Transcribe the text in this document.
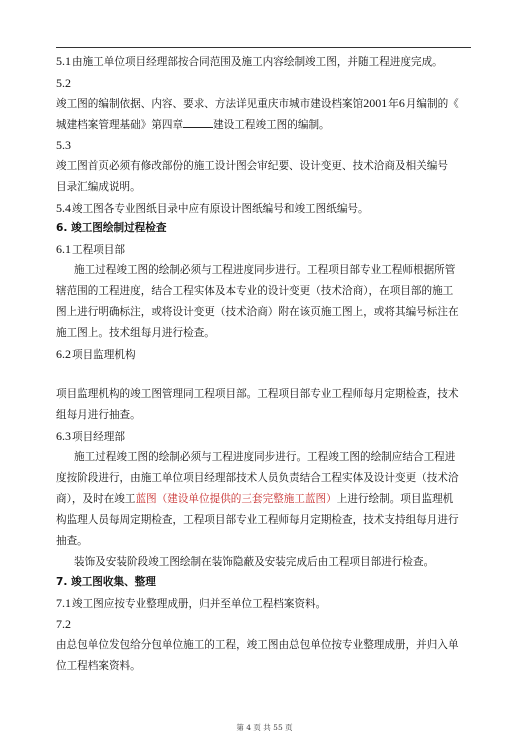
5.1由施工单位项目经理部按合同范围及施工内容绘制竣工图，并随工程进度完成。
5.2
竣工图的编制依据、内容、要求、方法详见重庆市城市建设档案馆2001年6月编制的《
城建档案管理基础》第四章	建设工程竣工图的编制。
5.3
竣工图首页必须有修改部份的施工设计图会审纪要、设计变更、技术洽商及相关编号
目录汇编成说明。
5.4竣工图各专业图纸目录中应有原设计图纸编号和竣工图纸编号。
6. 竣工图绘制过程检查
6.1工程项目部
施工过程竣工图的绘制必须与工程进度同步进行。工程项目部专业工程师根据所管
辖范围的工程进度，结合工程实体及本专业的设计变更（技术洽商），在项目部的施工
图上进行明确标注，或将设计变更（技术洽商）附在该页施工图上，或将其编号标注在
施工图上。技术组每月进行检查。
6.2项目监理机构
项目监理机构的竣工图管理同工程项目部。工程项目部专业工程师每月定期检查，技术
组每月进行抽查。
6.3项目经理部
施工过程竣工图的绘制必须与工程进度同步进行。工程竣工图的绘制应结合工程进
度按阶段进行，由施工单位项目经理部技术人员负责结合工程实体及设计变更（技术洽
商），及时在竣工蓝图（建设单位提供的三套完整施工蓝图）上进行绘制。项目监理机
构监理人员每周定期检查，工程项目部专业工程师每月定期检查，技术支持组每月进行
抽查。
装饰及安装阶段竣工图绘制在装饰隐蔽及安装完成后由工程项目部进行检查。
7. 竣工图收集、整理
7.1竣工图应按专业整理成册，归并至单位工程档案资料。
7.2
由总包单位发包给分包单位施工的工程，竣工图由总包单位按专业整理成册，并归入单
位工程档案资料。
第 4 页 共 55 页
